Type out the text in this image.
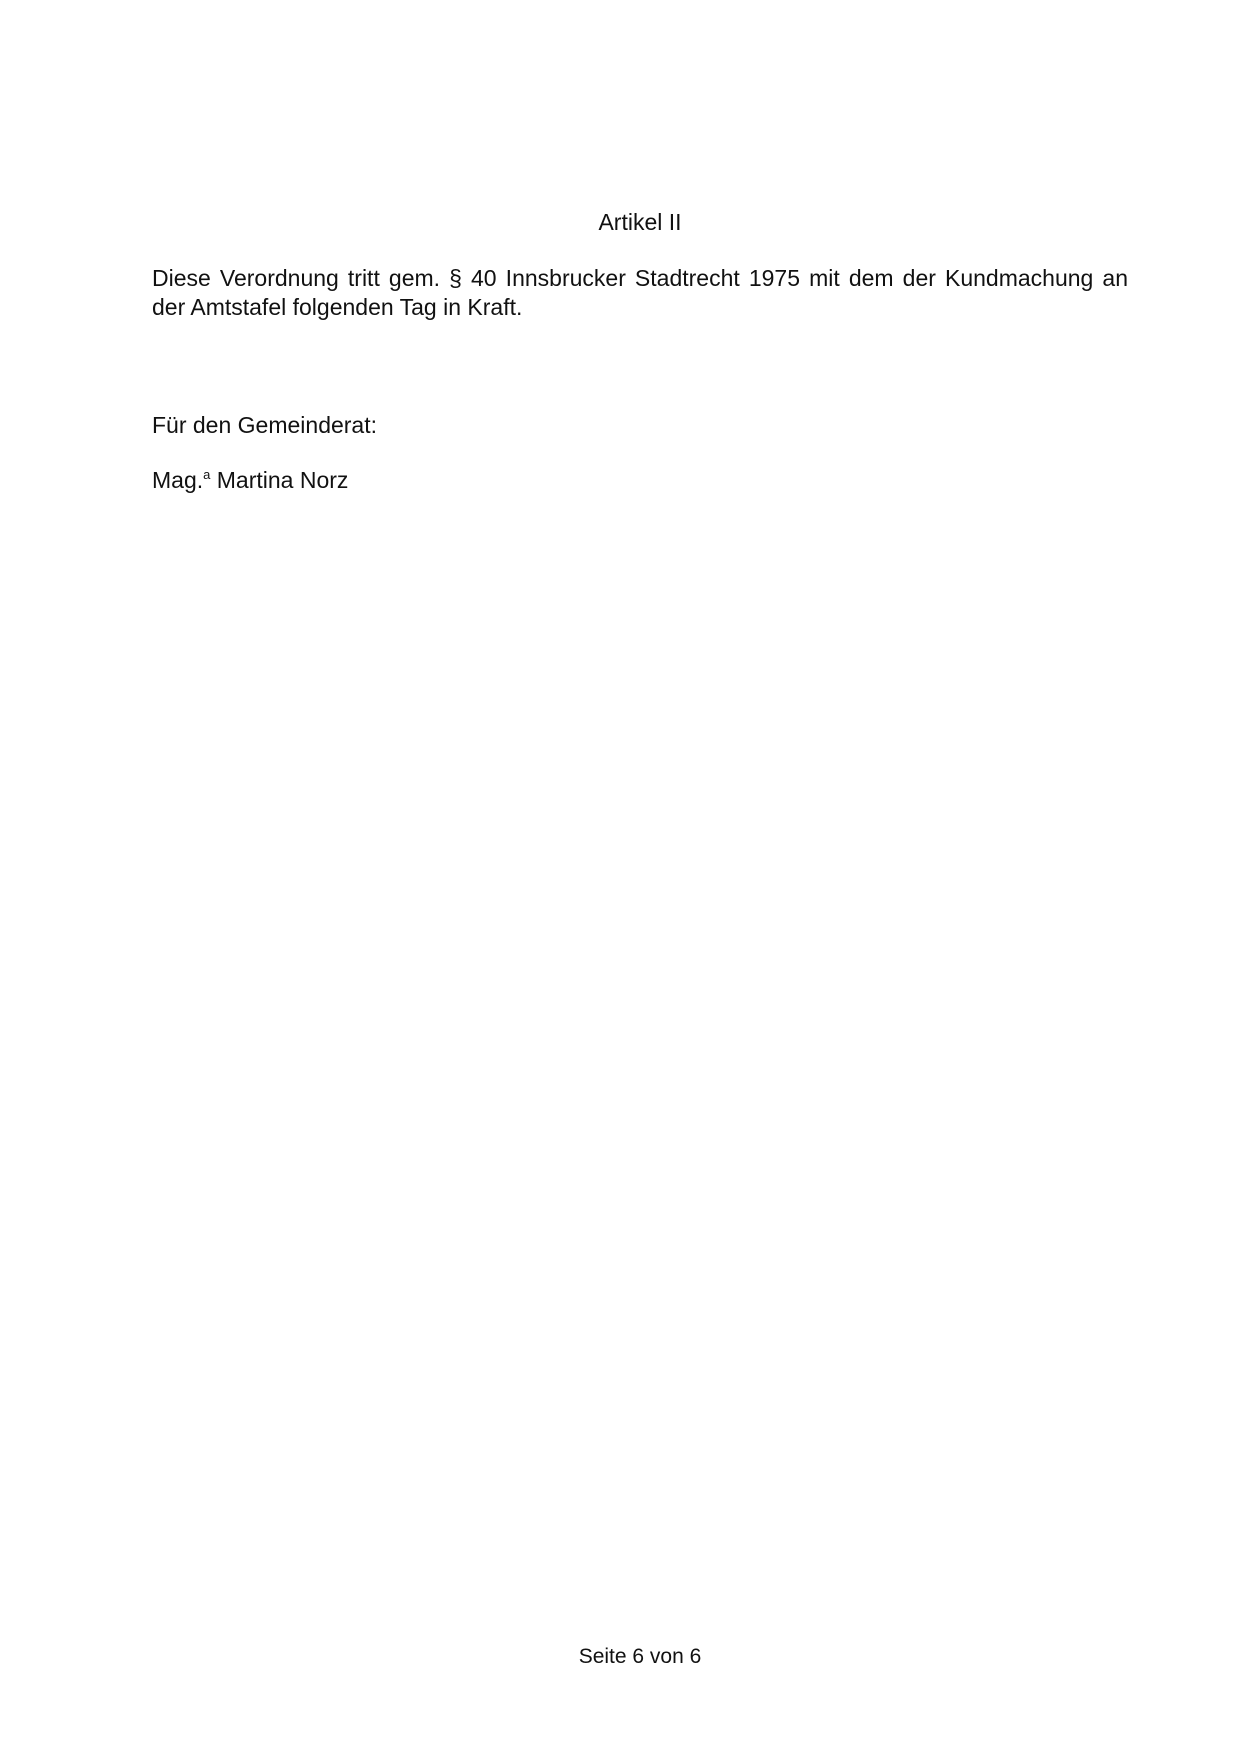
Artikel II
Diese Verordnung tritt gem. § 40 Innsbrucker Stadtrecht 1975 mit dem der Kundmachung an der Amtstafel folgenden Tag in Kraft.
Für den Gemeinderat:
Mag.$^a$ Martina Norz
Seite 6 von 6
